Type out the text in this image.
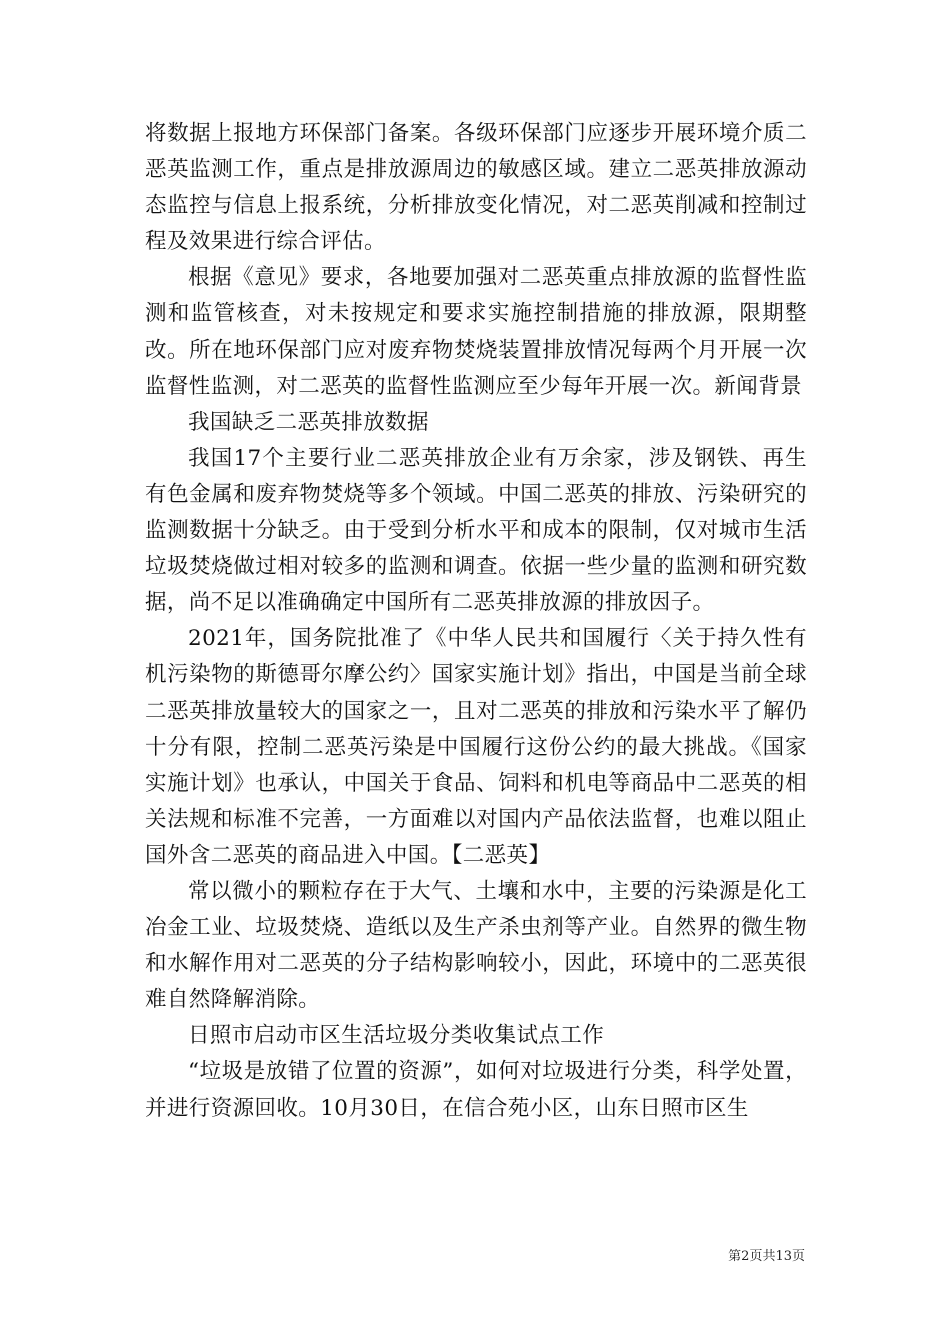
将数据上报地方环保部门备案。各级环保部门应逐步开展环境介质二恶英监测工作，重点是排放源周边的敏感区域。建立二恶英排放源动态监控与信息上报系统，分析排放变化情况，对二恶英削减和控制过程及效果进行综合评估。

根据《意见》要求，各地要加强对二恶英重点排放源的监督性监测和监管核查，对未按规定和要求实施控制措施的排放源，限期整改。所在地环保部门应对废弃物焚烧装置排放情况每两个月开展一次监督性监测，对二恶英的监督性监测应至少每年开展一次。新闻背景

我国缺乏二恶英排放数据

我国17个主要行业二恶英排放企业有万余家，涉及钢铁、再生有色金属和废弃物焚烧等多个领域。中国二恶英的排放、污染研究的监测数据十分缺乏。由于受到分析水平和成本的限制，仅对城市生活垃圾焚烧做过相对较多的监测和调查。依据一些少量的监测和研究数据，尚不足以准确确定中国所有二恶英排放源的排放因子。

2021年，国务院批准了《中华人民共和国履行〈关于持久性有机污染物的斯德哥尔摩公约〉国家实施计划》指出，中国是当前全球二恶英排放量较大的国家之一，且对二恶英的排放和污染水平了解仍十分有限，控制二恶英污染是中国履行这份公约的最大挑战。《国家实施计划》也承认，中国关于食品、饲料和机电等商品中二恶英的相关法规和标准不完善，一方面难以对国内产品依法监督，也难以阻止国外含二恶英的商品进入中国。【二恶英】

常以微小的颗粒存在于大气、土壤和水中，主要的污染源是化工冶金工业、垃圾焚烧、造纸以及生产杀虫剂等产业。自然界的微生物和水解作用对二恶英的分子结构影响较小，因此，环境中的二恶英很难自然降解消除。

日照市启动市区生活垃圾分类收集试点工作

“垃圾是放错了位置的资源”，如何对垃圾进行分类，科学处置，并进行资源回收。10月30日，在信合苑小区，山东日照市区生

第2页共13页
